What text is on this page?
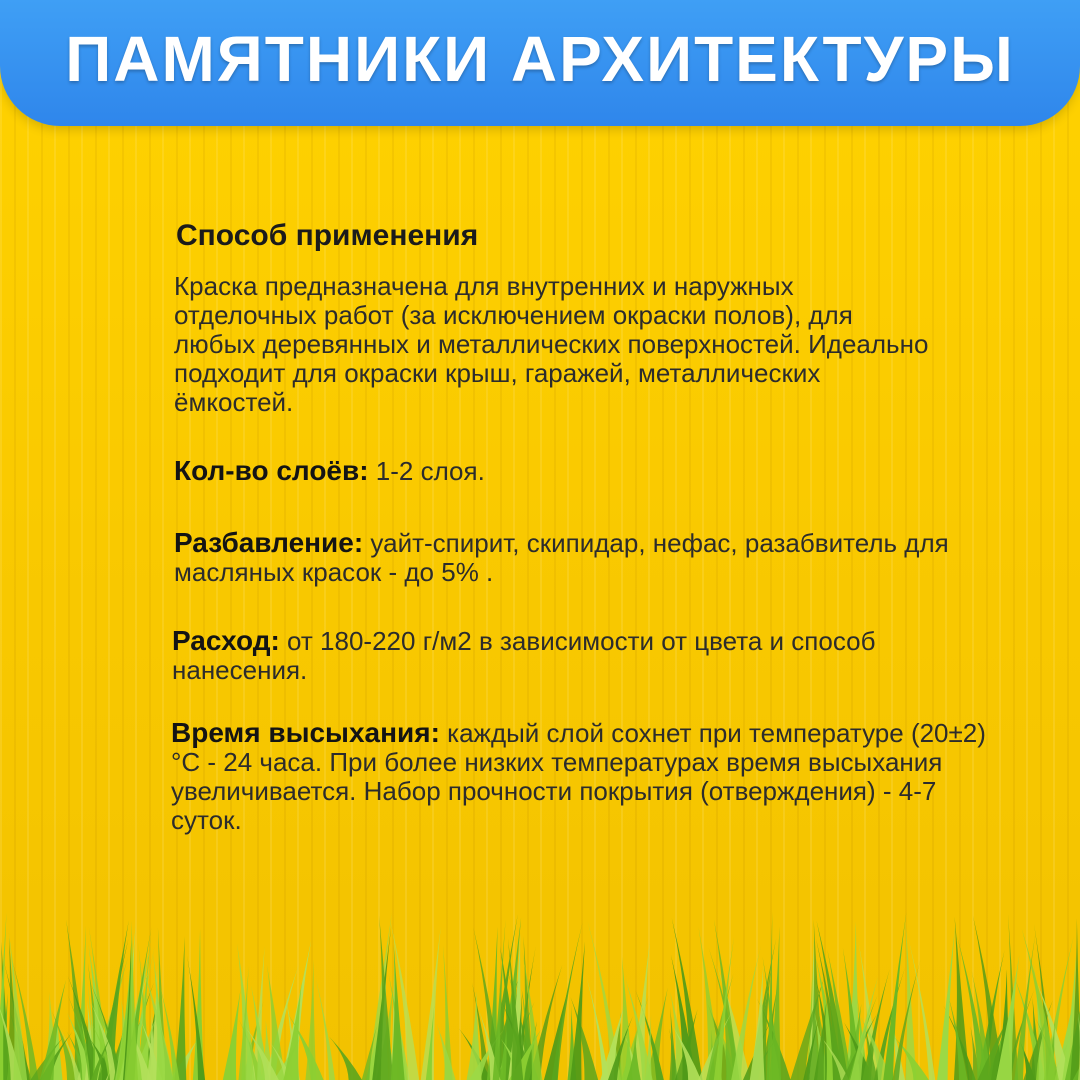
ПАМЯТНИКИ АРХИТЕКТУРЫ
Способ применения
Краска предназначена для внутренних и наружных отделочных работ (за исключением окраски полов), для любых деревянных и металлических поверхностей. Идеально подходит для окраски крыш, гаражей, металлических ёмкостей.
Кол-во слоёв: 1-2 слоя.
Разбавление: уайт-спирит, скипидар, нефас, разабвитель для масляных красок - до 5% .
Расход: от 180-220 г/м2 в зависимости от цвета и способ нанесения.
Время высыхания: каждый слой сохнет при температуре (20±2)°С - 24 часа. При более низких температурах время высыхания увеличивается. Набор прочности покрытия (отверждения) - 4-7 суток.
